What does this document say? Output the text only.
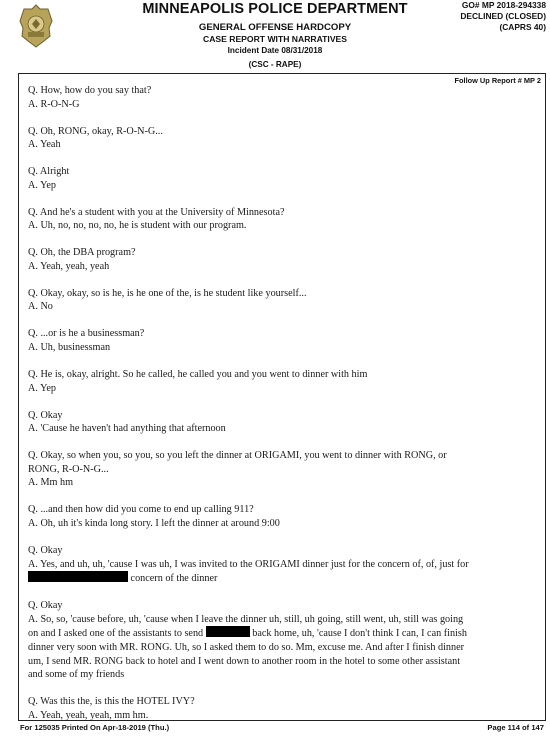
MINNEAPOLIS POLICE DEPARTMENT
GENERAL OFFENSE HARDCOPY
CASE REPORT WITH NARRATIVES
Incident Date 08/31/2018
(CSC - RAPE)
GO# MP 2018-294338
DECLINED (CLOSED)
(CAPRS 40)
Follow Up Report # MP 2

Q. How, how do you say that?

A. R-O-N-G

Q. Oh, RONG, okay, R-O-N-G...

A. Yeah

Q. Alright

A. Yep

Q. And he's a student with you at the University of Minnesota?

A. Uh, no, no, no, no, he is student with our program.

Q. Oh, the DBA program?

A. Yeah, yeah, yeah

Q. Okay, okay, so is he, is he one of the, is he student like yourself...

A. No

Q. ...or is he a businessman?

A. Uh, businessman

Q. He is, okay, alright. So he called, he called you and you went to dinner with him

A. Yep

Q. Okay

A. 'Cause he haven't had anything that afternoon

Q. Okay, so when you, so you, so you left the dinner at ORIGAMI, you went to dinner with RONG, or

RONG, R-O-N-G...

A. Mm hm

Q. ...and then how did you come to end up calling 911?

A. Oh, uh it's kinda long story. I left the dinner at around 9:00

Q. Okay

A. Yes, and uh, uh, 'cause I was uh, I was invited to the ORIGAMI dinner just for the concern of, of, just for

concern of the dinner

Q. Okay

A. So, so, 'cause before, uh, 'cause when I leave the dinner uh, still, uh going, still went, uh, still was going

on and I asked one of the assistants to send	back home, uh, 'cause I don't think I can, I can finish

dinner very soon with MR. RONG. Uh, so I asked them to do so. Mm, excuse me. And after I finish dinner

um, I send MR. RONG back to hotel and I went down to another room in the hotel to some other assistant

and some of my friends

Q. Was this the, is this the HOTEL IVY?

A. Yeah, yeah, yeah, mm hm.

For 125035 Printed On Apr-18-2019 (Thu.)	Page 114 of 147
